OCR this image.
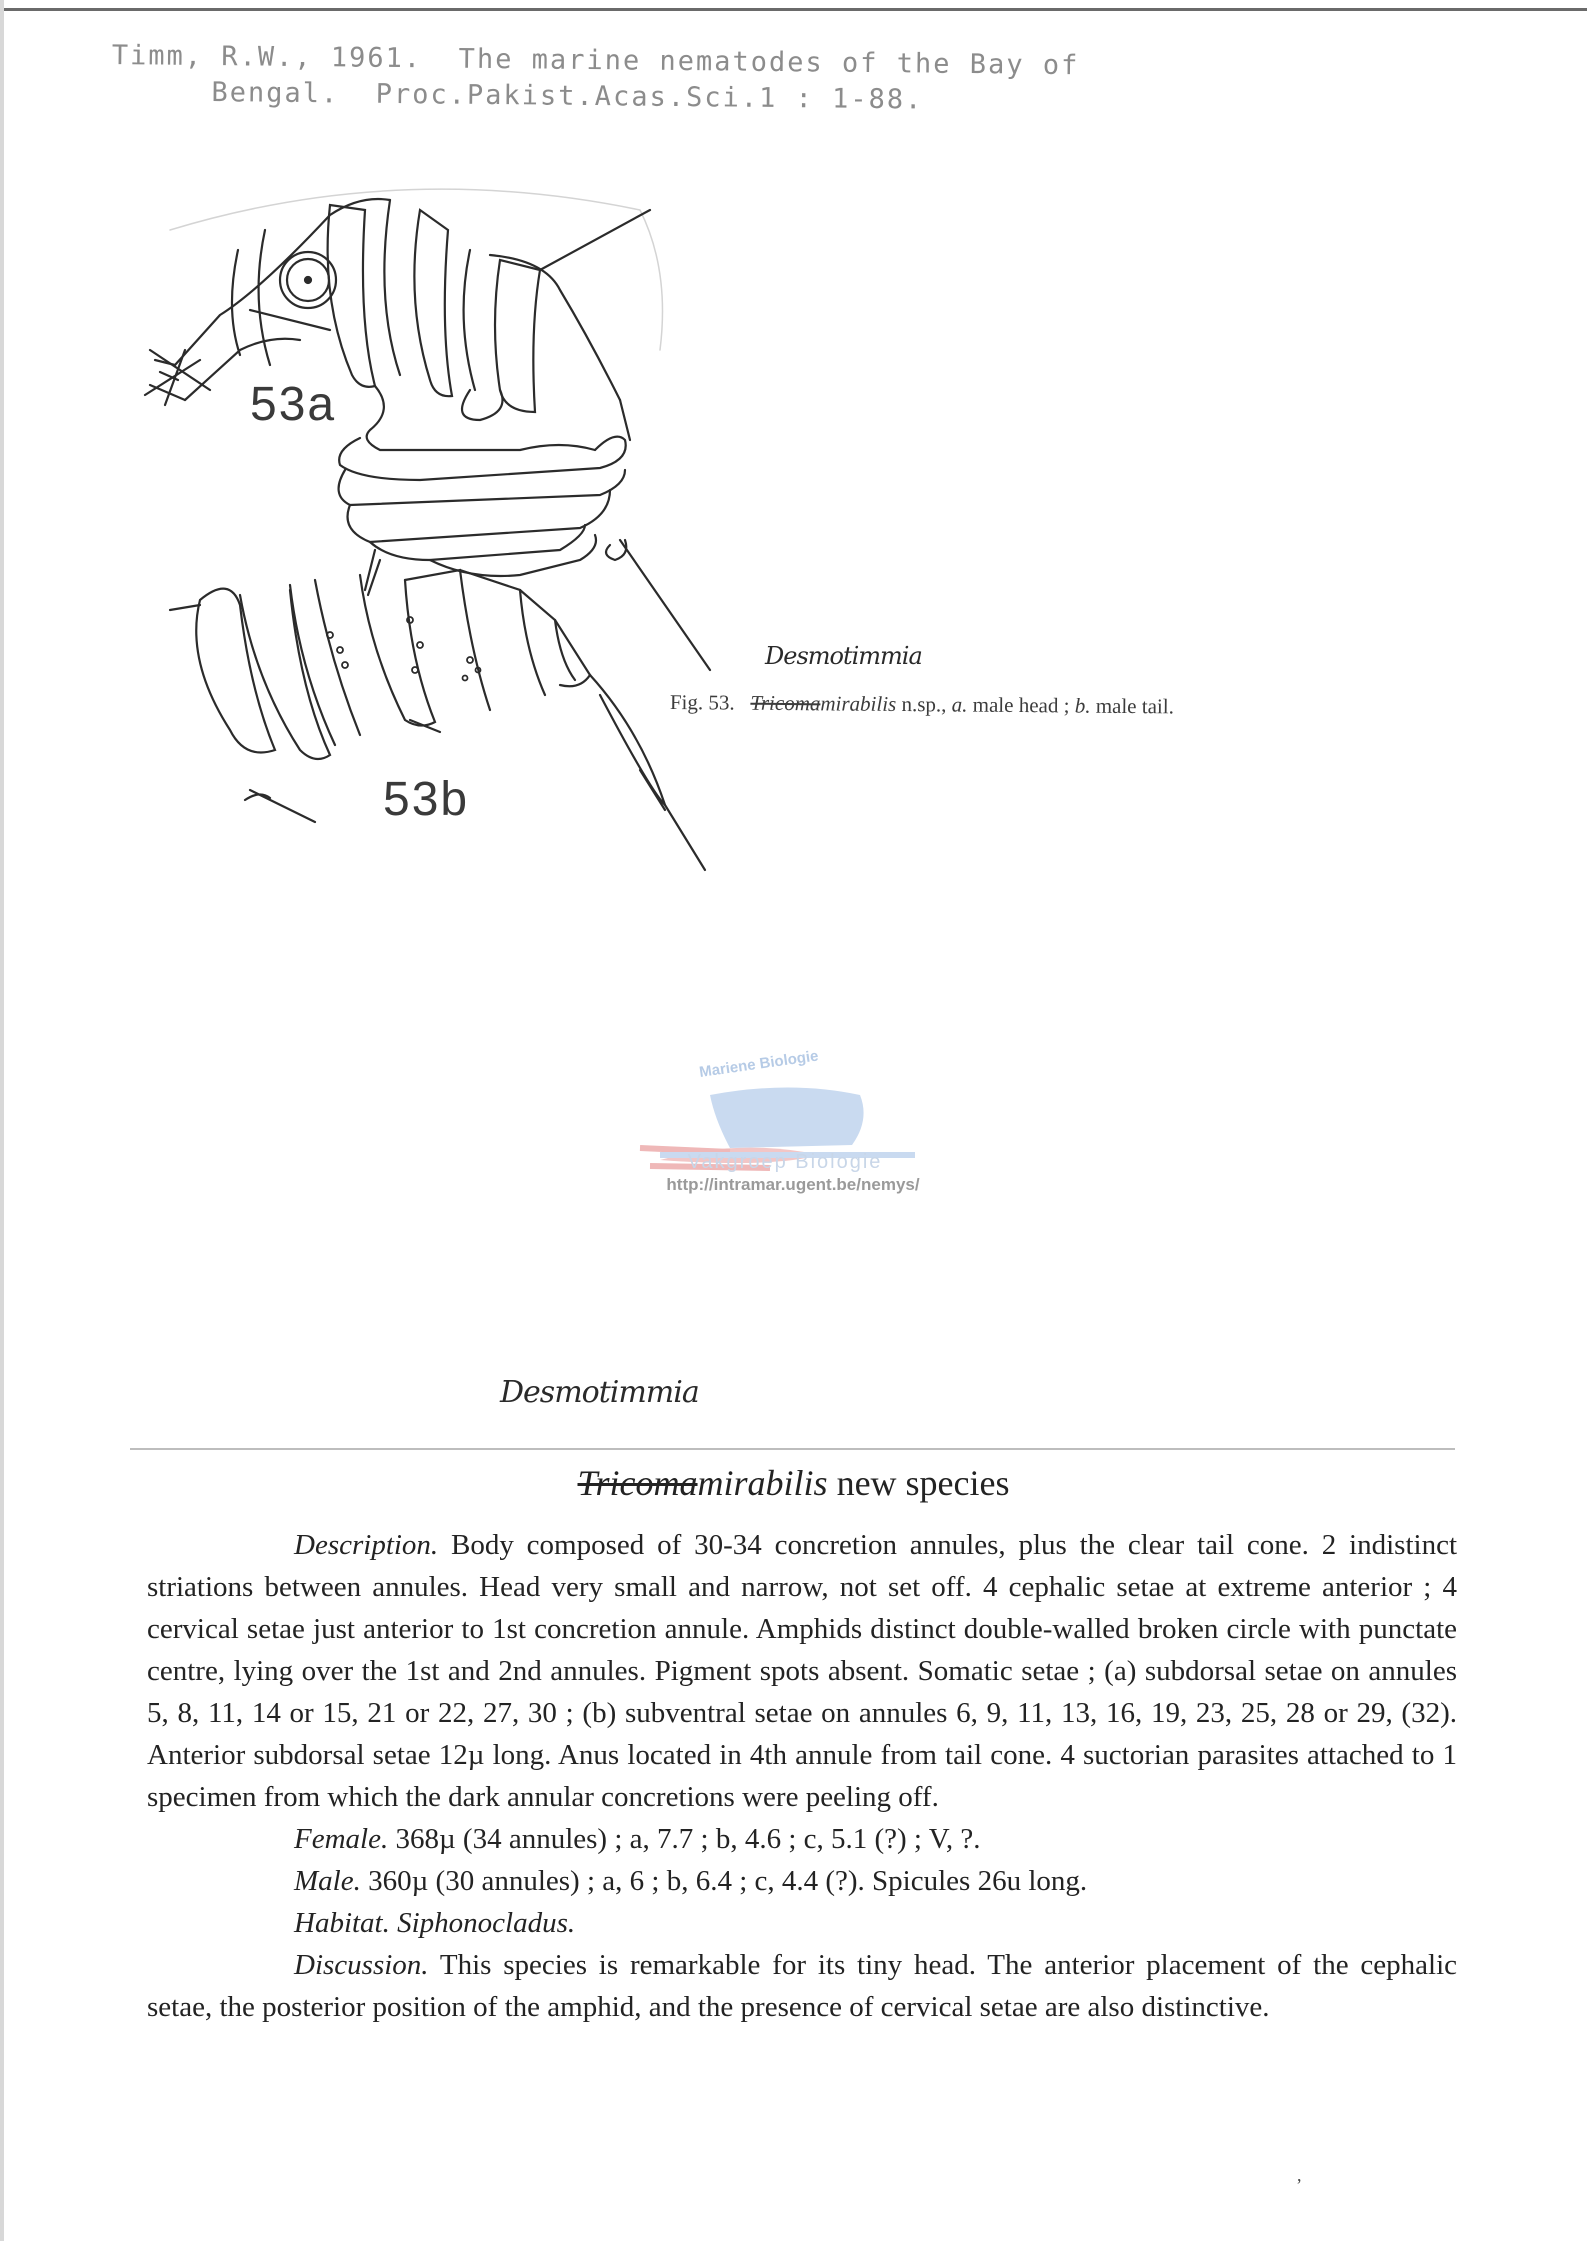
Timm, R.W., 1961.  The marine nematodes of the Bay of
Bengal.  Proc.Pakist.Acas.Sci.1 : 1-88.
53a
53b
Desmotimmia
Fig. 53. Tricomamirabilis n.sp., a. male head ; b. male tail.
Mariene Biologie
Vakgroep Biologie
http://intramar.ugent.be/nemys/
Desmotimmia
Tricomamirabilis new species

Description. Body composed of 30-34 concretion annules, plus the clear tail cone. 2 indistinct striations between annules. Head very small and narrow, not set off. 4 cephalic setae at extreme anterior ; 4 cervical setae just anterior to 1st concretion annule. Amphids distinct double-walled broken circle with punctate centre, lying over the 1st and 2nd annules. Pigment spots absent. Somatic setae ; (a) subdorsal setae on annules 5, 8, 11, 14 or 15, 21 or 22, 27, 30 ; (b) subventral setae on annules 6, 9, 11, 13, 16, 19, 23, 25, 28 or 29, (32). Anterior subdorsal setae 12µ long. Anus located in 4th annule from tail cone. 4 suctorian parasites attached to 1 specimen from which the dark annular concretions were peeling off.

Female. 368µ (34 annules) ; a, 7.7 ; b, 4.6 ; c, 5.1 (?) ; V, ?.

Male. 360µ (30 annules) ; a, 6 ; b, 6.4 ; c, 4.4 (?). Spicules 26u long.

Habitat. Siphonocladus.

Discussion. This species is remarkable for its tiny head. The anterior placement of the cephalic setae, the posterior position of the amphid, and the presence of cervical setae are also distinctive.

,
